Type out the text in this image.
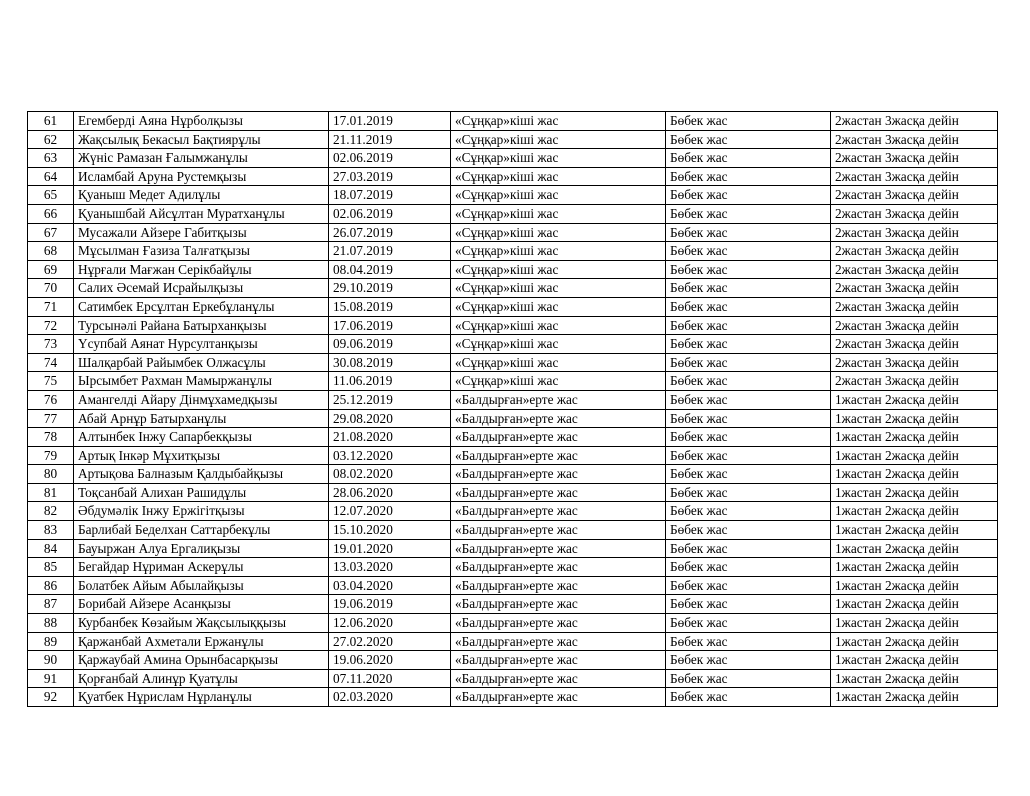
61	Егемберді Аяна Нұрболқызы	17.01.2019	«Сұңқар»кіші жас	Бөбек жас	2жастан 3жасқа дейін
62	Жақсылық Бекасыл Бақтиярұлы	21.11.2019	«Сұңқар»кіші жас	Бөбек жас	2жастан 3жасқа дейін
63	Жүніс Рамазан Ғалымжанұлы	02.06.2019	«Сұңқар»кіші жас	Бөбек жас	2жастан 3жасқа дейін
64	Исламбай Аруна Рустемқызы	27.03.2019	«Сұңқар»кіші жас	Бөбек жас	2жастан 3жасқа дейін
65	Қуаныш Медет Адилұлы	18.07.2019	«Сұңқар»кіші жас	Бөбек жас	2жастан 3жасқа дейін
66	Қуанышбай Айсұлтан Муратханұлы	02.06.2019	«Сұңқар»кіші жас	Бөбек жас	2жастан 3жасқа дейін
67	Мусажали Айзере Габитқызы	26.07.2019	«Сұңқар»кіші жас	Бөбек жас	2жастан 3жасқа дейін
68	Мұсылман Ғазиза Талғатқызы	21.07.2019	«Сұңқар»кіші жас	Бөбек жас	2жастан 3жасқа дейін
69	Нұрғали Мағжан Серікбайұлы	08.04.2019	«Сұңқар»кіші жас	Бөбек жас	2жастан 3жасқа дейін
70	Салих Әсемай Исрайылқызы	29.10.2019	«Сұңқар»кіші жас	Бөбек жас	2жастан 3жасқа дейін
71	Сатимбек Ерсұлтан Еркебұланұлы	15.08.2019	«Сұңқар»кіші жас	Бөбек жас	2жастан 3жасқа дейін
72	Турсынәлі Райана Батырханқызы	17.06.2019	«Сұңқар»кіші жас	Бөбек жас	2жастан 3жасқа дейін
73	Үсупбай Аянат Нурсултанқызы	09.06.2019	«Сұңқар»кіші жас	Бөбек жас	2жастан 3жасқа дейін
74	Шалқарбай Райымбек Олжасұлы	30.08.2019	«Сұңқар»кіші жас	Бөбек жас	2жастан 3жасқа дейін
75	Ырсымбет Рахман Мамыржанұлы	11.06.2019	«Сұңқар»кіші жас	Бөбек жас	2жастан 3жасқа дейін
76	Амангелді Айару Дінмұхамедқызы	25.12.2019	«Балдырған»ерте жас	Бөбек жас	1жастан 2жасқа дейін
77	Абай Арнұр Батырханұлы	29.08.2020	«Балдырған»ерте жас	Бөбек жас	1жастан 2жасқа дейін
78	Алтынбек Інжу Сапарбекқызы	21.08.2020	«Балдырған»ерте жас	Бөбек жас	1жастан 2жасқа дейін
79	Артық Інкәр Мұхитқызы	03.12.2020	«Балдырған»ерте жас	Бөбек жас	1жастан 2жасқа дейін
80	Артықова Балназым Қалдыбайқызы	08.02.2020	«Балдырған»ерте жас	Бөбек жас	1жастан 2жасқа дейін
81	Тоқсанбай Алихан Рашидұлы	28.06.2020	«Балдырған»ерте жас	Бөбек жас	1жастан 2жасқа дейін
82	Әбдумәлік Інжу Ержігітқызы	12.07.2020	«Балдырған»ерте жас	Бөбек жас	1жастан 2жасқа дейін
83	Барлибай Беделхан Саттарбекұлы	15.10.2020	«Балдырған»ерте жас	Бөбек жас	1жастан 2жасқа дейін
84	Бауыржан Алуа Ергалиқызы	19.01.2020	«Балдырған»ерте жас	Бөбек жас	1жастан 2жасқа дейін
85	Бегайдар Нұриман Аскерұлы	13.03.2020	«Балдырған»ерте жас	Бөбек жас	1жастан 2жасқа дейін
86	Болатбек Айым Абылайқызы	03.04.2020	«Балдырған»ерте жас	Бөбек жас	1жастан 2жасқа дейін
87	Борибай Айзере Асанқызы	19.06.2019	«Балдырған»ерте жас	Бөбек жас	1жастан 2жасқа дейін
88	Курбанбек Көзайым Жақсылыққызы	12.06.2020	«Балдырған»ерте жас	Бөбек жас	1жастан 2жасқа дейін
89	Қаржанбай Ахметали Ержанұлы	27.02.2020	«Балдырған»ерте жас	Бөбек жас	1жастан 2жасқа дейін
90	Қаржаубай Амина Орынбасарқызы	19.06.2020	«Балдырған»ерте жас	Бөбек жас	1жастан 2жасқа дейін
91	Қорғанбай Алинұр Қуатұлы	07.11.2020	«Балдырған»ерте жас	Бөбек жас	1жастан 2жасқа дейін
92	Қуатбек Нұрислам Нұрланұлы	02.03.2020	«Балдырған»ерте жас	Бөбек жас	1жастан 2жасқа дейін
